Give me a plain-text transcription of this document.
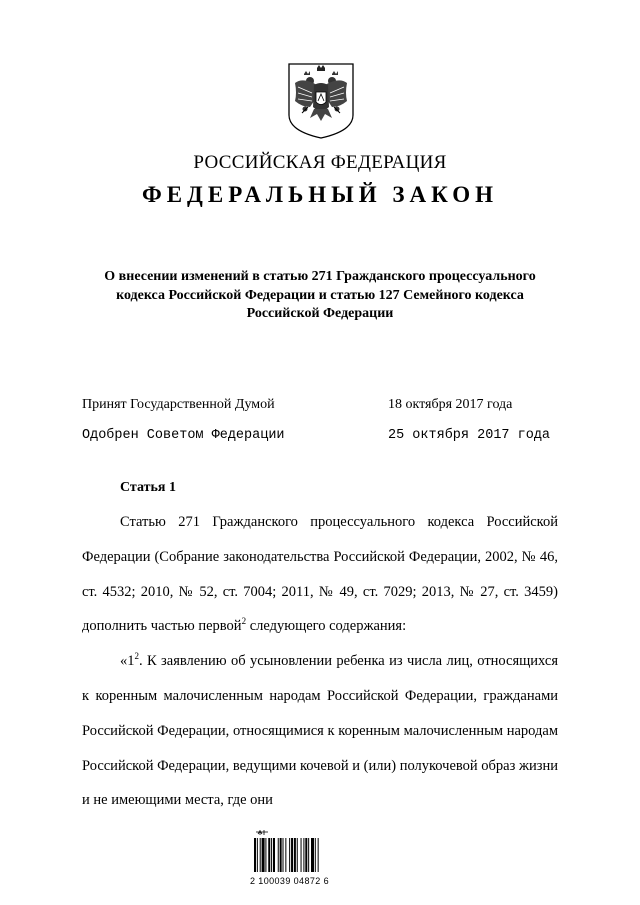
РОССИЙСКАЯ ФЕДЕРАЦИЯ
ФЕДЕРАЛЬНЫЙ ЗАКОН
О внесении изменений в статью 271 Гражданского процессуального
кодекса Российской Федерации и статью 127 Семейного кодекса
Российской Федерации
Принят Государственной Думой	18 октября 2017 года
Одобрен Советом Федерации	25 октября 2017 года
Статья 1

Статью 271 Гражданского процессуального кодекса Российской Федерации (Собрание законодательства Российской Федерации, 2002, № 46, ст. 4532; 2010, № 52, ст. 7004; 2011, № 49, ст. 7029; 2013, № 27, ст. 3459) дополнить частью первой$^2$ следующего содержания:

«$1^2$. К заявлению об усыновлении ребенка из числа лиц, относящихся к коренным малочисленным народам Российской Федерации, гражданами Российской Федерации, относящимися к коренным малочисленным народам Российской Федерации, ведущими кочевой и (или) полукочевой образ жизни и не имеющими места, где они

2 100039 04872 6
